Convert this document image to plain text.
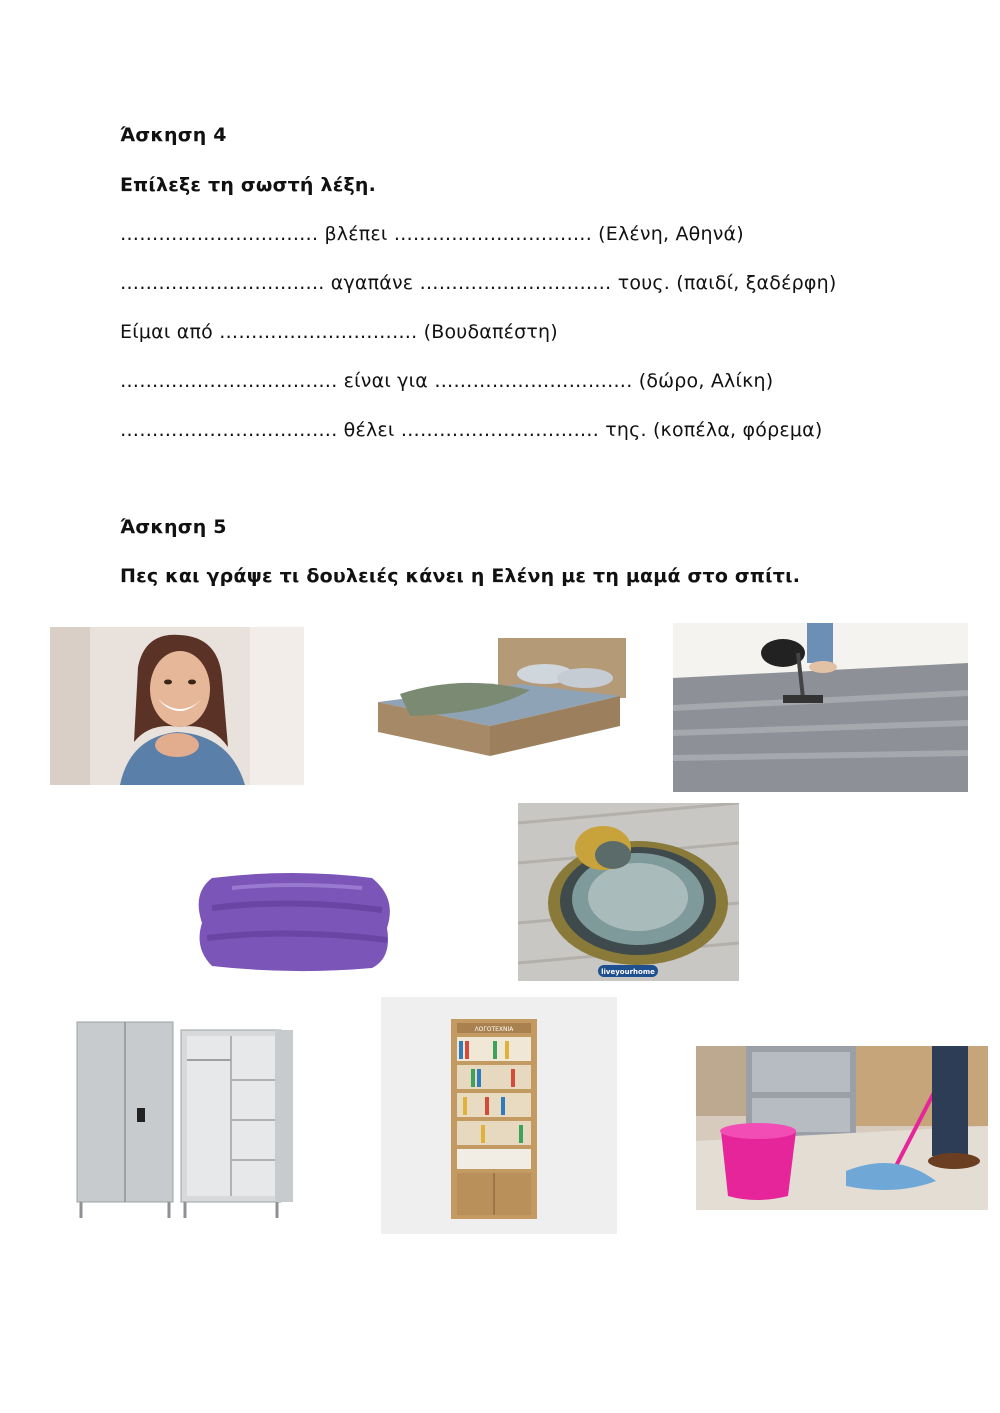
Άσκηση 4
Επίλεξε τη σωστή λέξη.
…………………………. βλέπει …………………………. (Ελένη, Αθηνά)
………………………….. αγαπάνε ………………………… τους. (παιδί, ξαδέρφη)
Είμαι από …………………………. (Βουδαπέστη)
……………………………. είναι για …………………………. (δώρο, Αλίκη)
……………………………. θέλει …………………………. της. (κοπέλα, φόρεμα)
Άσκηση 5
Πες και γράψε τι δουλειές κάνει η Ελένη με τη μαμά στο σπίτι.
liveyourhome
ΛΟΓΟΤΕΧΝΙΑ
